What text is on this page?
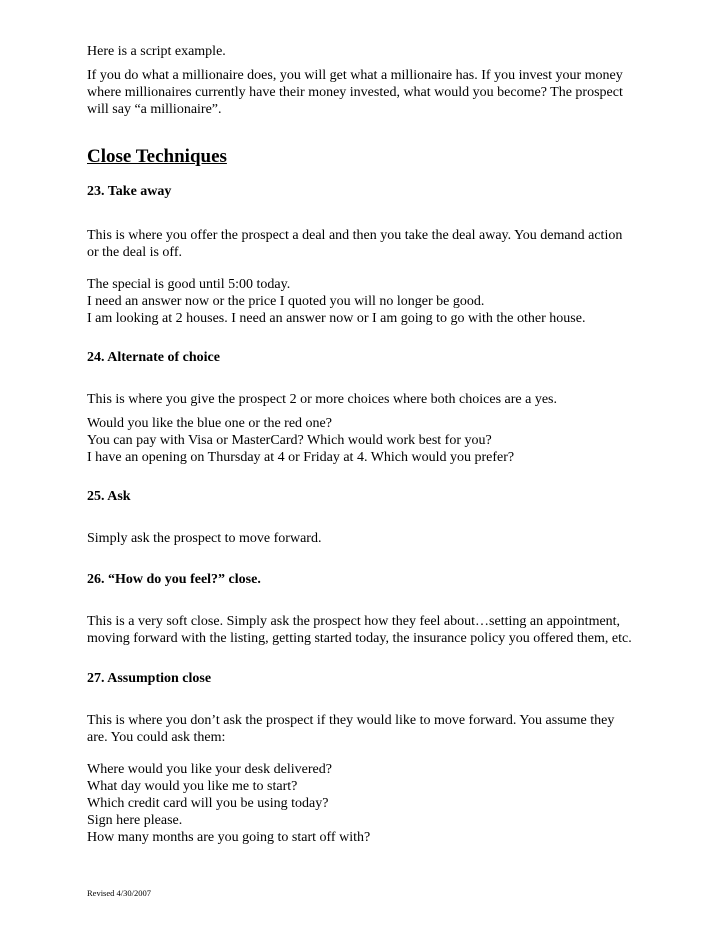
Here is a script example.

If you do what a millionaire does, you will get what a millionaire has. If you invest your money

where millionaires currently have their money invested, what would you become? The prospect

will say “a millionaire”.

Close Techniques

23. Take away

This is where you offer the prospect a deal and then you take the deal away. You demand action

or the deal is off.

The special is good until 5:00 today.

I need an answer now or the price I quoted you will no longer be good.

I am looking at 2 houses. I need an answer now or I am going to go with the other house.

24. Alternate of choice

This is where you give the prospect 2 or more choices where both choices are a yes.

Would you like the blue one or the red one?

You can pay with Visa or MasterCard? Which would work best for you?

I have an opening on Thursday at 4 or Friday at 4. Which would you prefer?

25. Ask

Simply ask the prospect to move forward.

26. “How do you feel?” close.

This is a very soft close. Simply ask the prospect how they feel about…setting an appointment,

moving forward with the listing, getting started today, the insurance policy you offered them, etc.

27. Assumption close

This is where you don’t ask the prospect if they would like to move forward. You assume they

are. You could ask them:

Where would you like your desk delivered?

What day would you like me to start?

Which credit card will you be using today?

Sign here please.

How many months are you going to start off with?

Revised 4/30/2007
